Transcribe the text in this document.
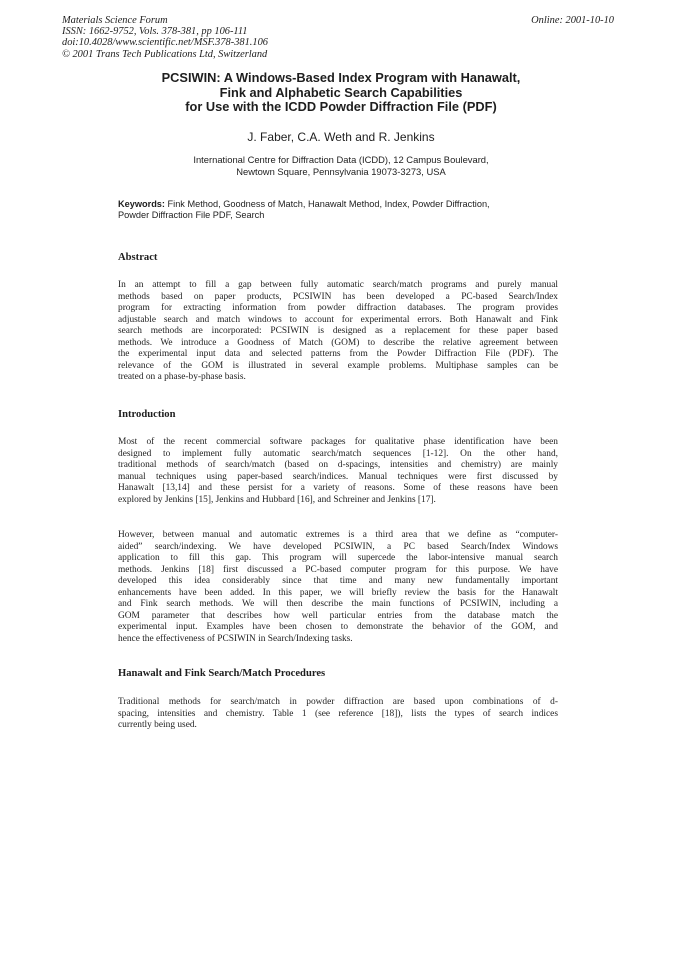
Materials Science Forum
ISSN: 1662-9752, Vols. 378-381, pp 106-111
doi:10.4028/www.scientific.net/MSF.378-381.106
© 2001 Trans Tech Publications Ltd, Switzerland
Online: 2001-10-10
PCSIWIN: A Windows-Based Index Program with Hanawalt,
Fink and Alphabetic Search Capabilities
for Use with the ICDD Powder Diffraction File (PDF)
J. Faber, C.A. Weth and R. Jenkins
International Centre for Diffraction Data (ICDD), 12 Campus Boulevard,
Newtown Square, Pennsylvania 19073-3273, USA
Keywords: Fink Method, Goodness of Match, Hanawalt Method, Index, Powder Diffraction,
Powder Diffraction File PDF, Search
Abstract
In an attempt to fill a gap between fully automatic search/match programs and purely manual
methods based on paper products, PCSIWIN has been developed a PC-based Search/Index
program for extracting information from powder diffraction databases. The program provides
adjustable search and match windows to account for experimental errors. Both Hanawalt and Fink
search methods are incorporated: PCSIWIN is designed as a replacement for these paper based
methods. We introduce a Goodness of Match (GOM) to describe the relative agreement between
the experimental input data and selected patterns from the Powder Diffraction File (PDF). The
relevance of the GOM is illustrated in several example problems. Multiphase samples can be
treated on a phase-by-phase basis.
Introduction
Most of the recent commercial software packages for qualitative phase identification have been
designed to implement fully automatic search/match sequences [1-12]. On the other hand,
traditional methods of search/match (based on d-spacings, intensities and chemistry) are mainly
manual techniques using paper-based search/indices. Manual techniques were first discussed by
Hanawalt [13,14] and these persist for a variety of reasons. Some of these reasons have been
explored by Jenkins [15], Jenkins and Hubbard [16], and Schreiner and Jenkins [17].
However, between manual and automatic extremes is a third area that we define as “computer-
aided” search/indexing. We have developed PCSIWIN, a PC based Search/Index Windows
application to fill this gap. This program will supercede the labor-intensive manual search
methods. Jenkins [18] first discussed a PC-based computer program for this purpose. We have
developed this idea considerably since that time and many new fundamentally important
enhancements have been added. In this paper, we will briefly review the basis for the Hanawalt
and Fink search methods. We will then describe the main functions of PCSIWIN, including a
GOM parameter that describes how well particular entries from the database match the
experimental input. Examples have been chosen to demonstrate the behavior of the GOM, and
hence the effectiveness of PCSIWIN in Search/Indexing tasks.
Hanawalt and Fink Search/Match Procedures
Traditional methods for search/match in powder diffraction are based upon combinations of d-
spacing, intensities and chemistry. Table 1 (see reference [18]), lists the types of search indices
currently being used.
